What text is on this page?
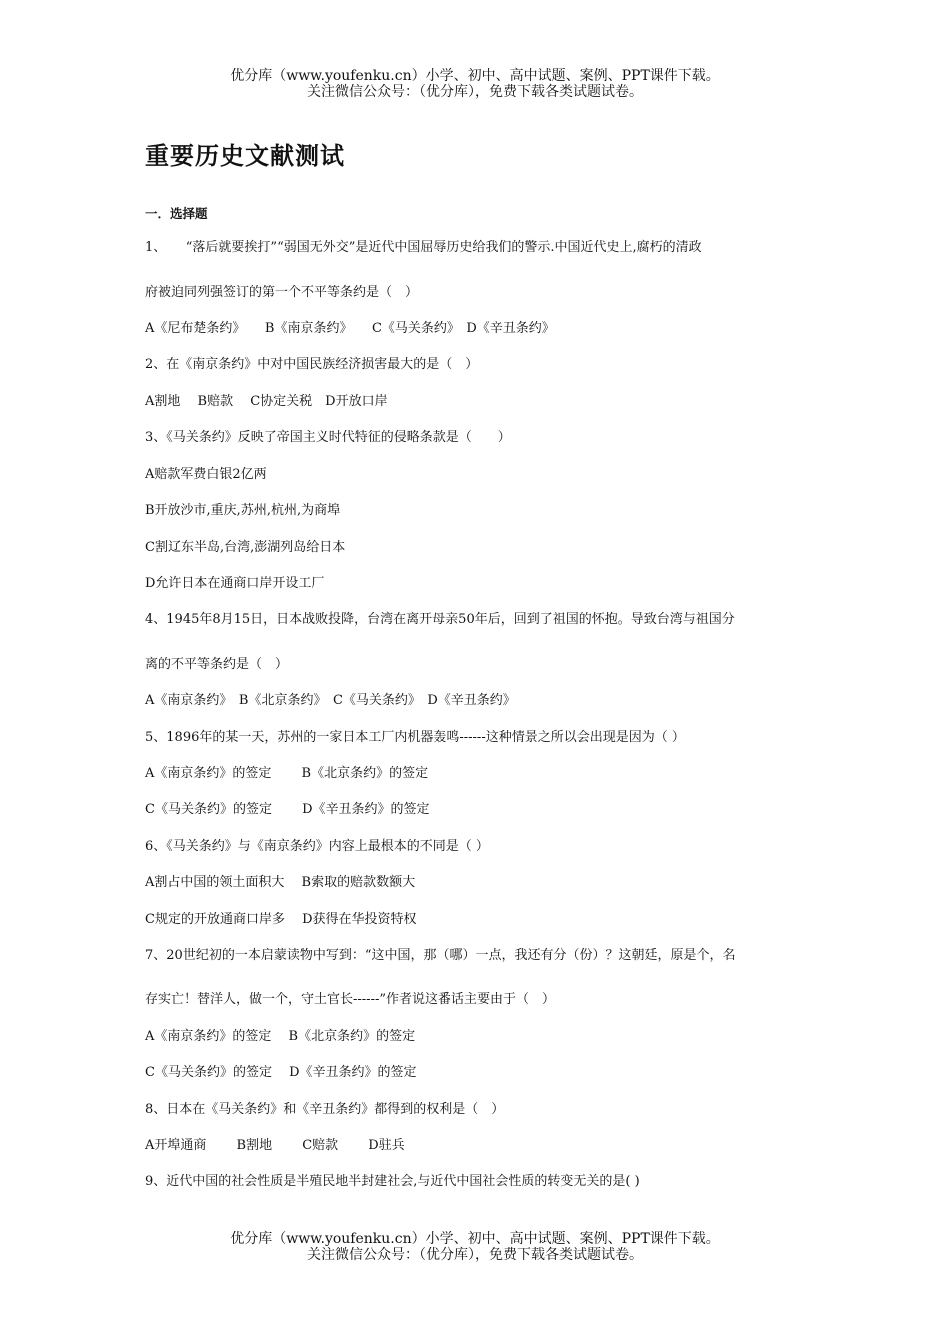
优分库（www.youfenku.cn）小学、初中、高中试题、案例、PPT课件下载。
关注微信公众号：（优分库），免费下载各类试题试卷。
重要历史文献测试
一．选择题
1、　　“落后就要挨打”“弱国无外交”是近代中国屈辱历史给我们的警示.中国近代史上,腐朽的清政
府被迫同列强签订的第一个不平等条约是（　）
A《尼布楚条约》　　B《南京条约》　　C《马关条约》　D《辛丑条约》
2、在《南京条约》中对中国民族经济损害最大的是（　）
A割地　 B赔款　 C协定关税　D开放口岸
3、《马关条约》反映了帝国主义时代特征的侵略条款是（　　）
A赔款军费白银2亿两
B开放沙市,重庆,苏州,杭州,为商埠
C割辽东半岛,台湾,澎湖列岛给日本
D允许日本在通商口岸开设工厂
4、1945年8月15日，日本战败投降，台湾在离开母亲50年后，回到了祖国的怀抱。导致台湾与祖国分
离的不平等条约是（　）
A《南京条约》　B《北京条约》　C《马关条约》　D《辛丑条约》
5、1896年的某一天，苏州的一家日本工厂内机器轰鸣------这种情景之所以会出现是因为（ ）
A《南京条约》的签定　　 B《北京条约》的签定
C《马关条约》的签定　　 D《辛丑条约》的签定
6、《马关条约》与《南京条约》内容上最根本的不同是（ ）
A割占中国的领土面积大　 B索取的赔款数额大
C规定的开放通商口岸多　 D获得在华投资特权
7、20世纪初的一本启蒙读物中写到：“这中国，那（哪）一点，我还有分（份）？这朝廷，原是个，名
存实亡！替洋人，做一个，守土官长------”作者说这番话主要由于（　）
A《南京条约》的签定　 B《北京条约》的签定
C《马关条约》的签定　 D《辛丑条约》的签定
8、日本在《马关条约》和《辛丑条约》都得到的权利是（　）
A开埠通商　　 B割地　　 C赔款　　 D驻兵
9、近代中国的社会性质是半殖民地半封建社会,与近代中国社会性质的转变无关的是( )
优分库（www.youfenku.cn）小学、初中、高中试题、案例、PPT课件下载。
关注微信公众号：（优分库），免费下载各类试题试卷。
